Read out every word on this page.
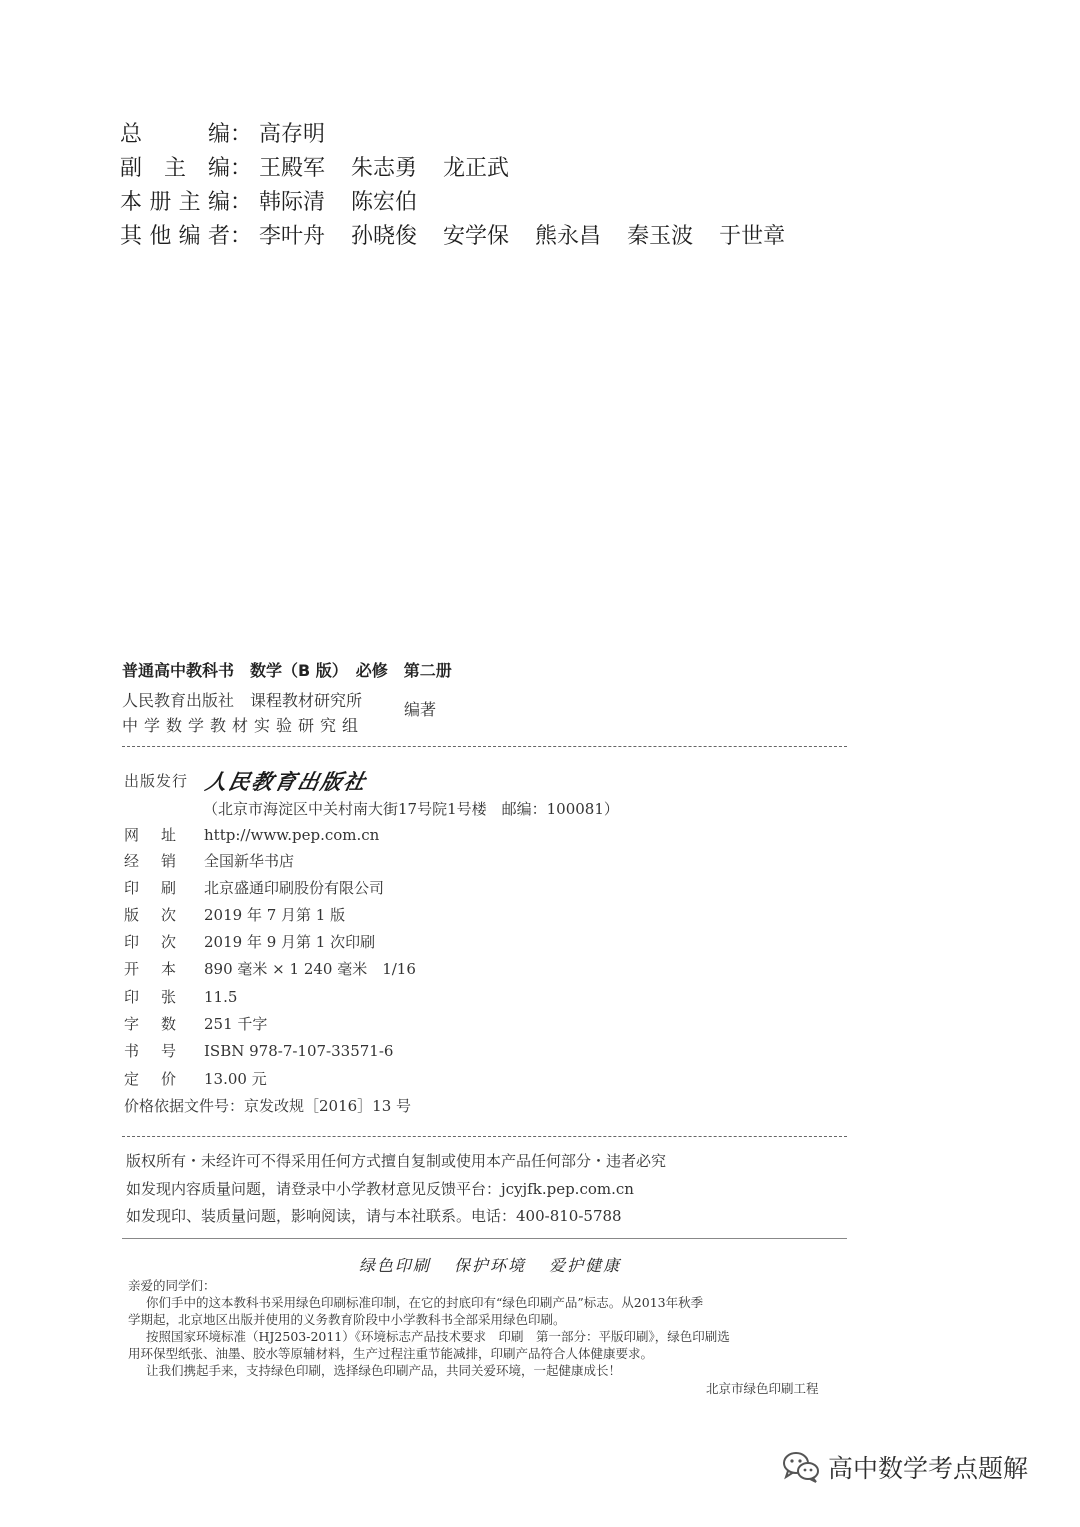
总编： 高存明
副主编： 王殿军 朱志勇 龙正武
本册主编： 韩际清 陈宏伯
其他编者： 李叶舟 孙晓俊 安学保 熊永昌 秦玉波 于世章
普通高中教科书　数学（B 版）　必修　第二册
人民教育出版社　课程教材研究所
中学数学教材实验研究组
编著
出版发行 人民教育出版社
（北京市海淀区中关村南大街17号院1号楼　邮编：100081）
网址 http://www.pep.com.cn
经销 全国新华书店
印刷 北京盛通印刷股份有限公司
版次 2019 年 7 月第 1 版
印次 2019 年 9 月第 1 次印刷
开本 890 毫米 × 1 240 毫米　1/16
印张 11.5
字数 251 千字
书号 ISBN 978-7-107-33571-6
定价 13.00 元
价格依据文件号：京发改规［2016］13 号
版权所有・未经许可不得采用任何方式擅自复制或使用本产品任何部分・违者必究
如发现内容质量问题，请登录中小学教材意见反馈平台：jcyjfk.pep.com.cn
如发现印、装质量问题，影响阅读，请与本社联系。电话：400-810-5788
绿色印刷 保护环境 爱护健康
亲爱的同学们：
你们手中的这本教科书采用绿色印刷标准印制，在它的封底印有“绿色印刷产品”标志。从2013年秋季
学期起，北京地区出版并使用的义务教育阶段中小学教科书全部采用绿色印刷。
按照国家环境标准（HJ2503-2011）《环境标志产品技术要求　印刷　第一部分：平版印刷》，绿色印刷选
用环保型纸张、油墨、胶水等原辅材料，生产过程注重节能减排，印刷产品符合人体健康要求。
让我们携起手来，支持绿色印刷，选择绿色印刷产品，共同关爱环境，一起健康成长！
北京市绿色印刷工程
高中数学考点题解
